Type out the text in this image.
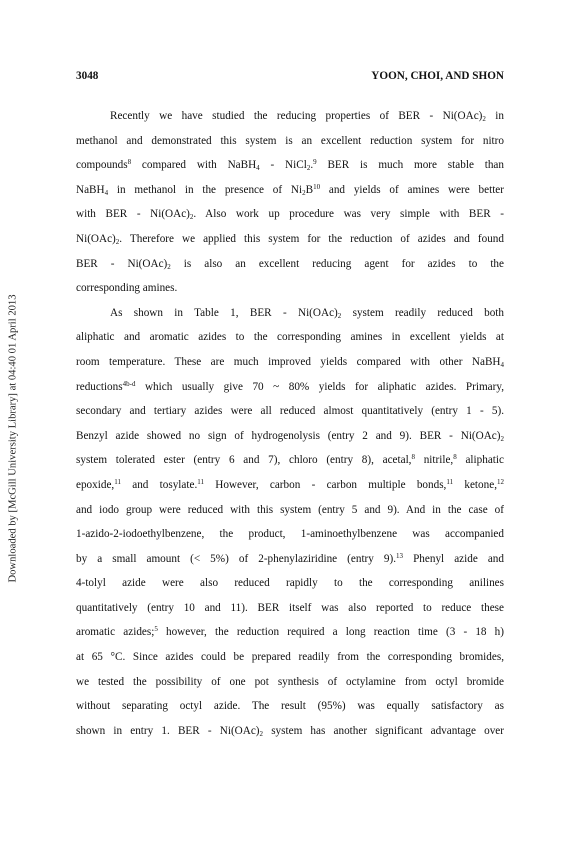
Downloaded by [McGill University Library] at 04:40 01 April 2013
3048	YOON, CHOI, AND SHON
Recently we have studied the reducing properties of BER - $Ni(OAc)_2$ in
methanol and demonstrated this system is an excellent reduction system for nitro
compounds$^8$ compared with NaBH$_4$ - NiCl$_2$.$^9$ BER is much more stable than
NaBH$_4$ in methanol in the presence of $Ni_2B^{10}$ and yields of amines were better
with BER - $Ni(OAc)_2$. Also work up procedure was very simple with BER -
$Ni(OAc)_2$. Therefore we applied this system for the reduction of azides and found
BER - $Ni(OAc)_2$ is also an excellent reducing agent for azides to the
corresponding amines.
As shown in Table 1, BER - $Ni(OAc)_2$ system readily reduced both
aliphatic and aromatic azides to the corresponding amines in excellent yields at
room temperature. These are much improved yields compared with other NaBH$_4$
reductions$^{4b-d}$ which usually give 70 ~ 80% yields for aliphatic azides. Primary,
secondary and tertiary azides were all reduced almost quantitatively (entry 1 - 5).
Benzyl azide showed no sign of hydrogenolysis (entry 2 and 9). BER - $Ni(OAc)_2$
system tolerated ester (entry 6 and 7), chloro (entry 8), acetal,$^8$ nitrile,$^8$ aliphatic
epoxide,$^{11}$ and tosylate.$^{11}$ However, carbon - carbon multiple bonds,$^{11}$ ketone,$^{12}$
and iodo group were reduced with this system (entry 5 and 9). And in the case of
1-azido-2-iodoethylbenzene, the product, 1-aminoethylbenzene was accompanied
by a small amount (< 5%) of 2-phenylaziridine (entry 9).$^{13}$ Phenyl azide and
4-tolyl azide were also reduced rapidly to the corresponding anilines
quantitatively (entry 10 and 11). BER itself was also reported to reduce these
aromatic azides;$^5$ however, the reduction required a long reaction time (3 - 18 h)
at 65 °C. Since azides could be prepared readily from the corresponding bromides,
we tested the possibility of one pot synthesis of octylamine from octyl bromide
without separating octyl azide. The result (95%) was equally satisfactory as
shown in entry 1. BER - $Ni(OAc)_2$ system has another significant advantage over
